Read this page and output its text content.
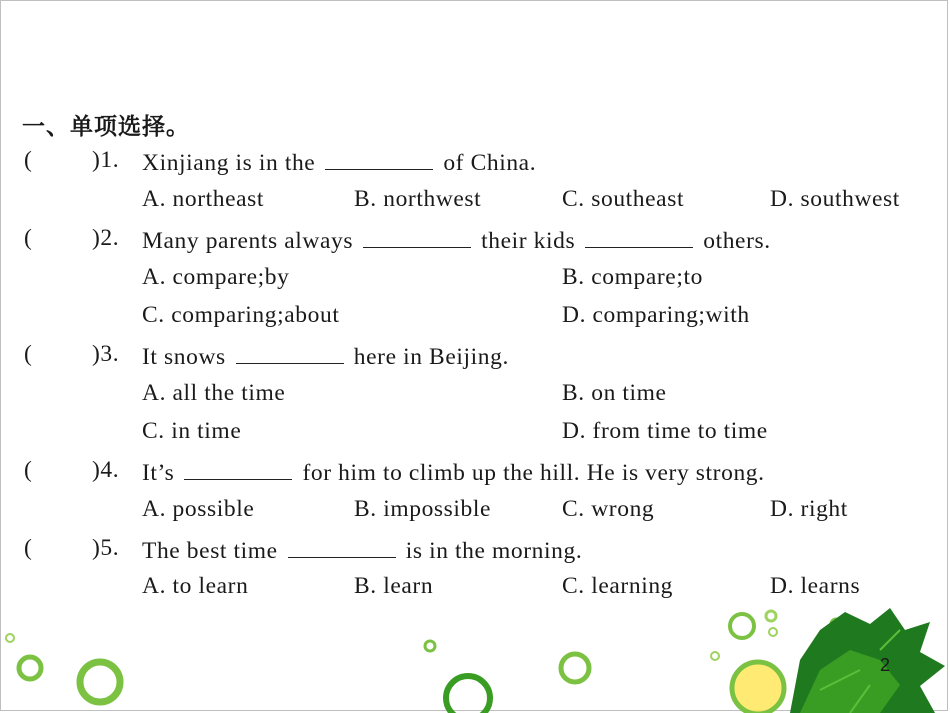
一、单项选择。
(	)1. Xinjiang is in the	of China.
A. northeast	B. northwest	C. southeast	D. southwest
(	)2. Many parents always	their kids	others.
A. compare;by	B. compare;to
C. comparing;about	D. comparing;with
(	)3. It snows	here in Beijing.
A. all the time	B. on time
C. in time	D. from time to time
(	)4. It’s	for him to climb up the hill. He is very strong.
A. possible	B. impossible	C. wrong	D. right
(	)5. The best time	is in the morning.
A. to learn	B. learn	C. learning	D. learns
2
